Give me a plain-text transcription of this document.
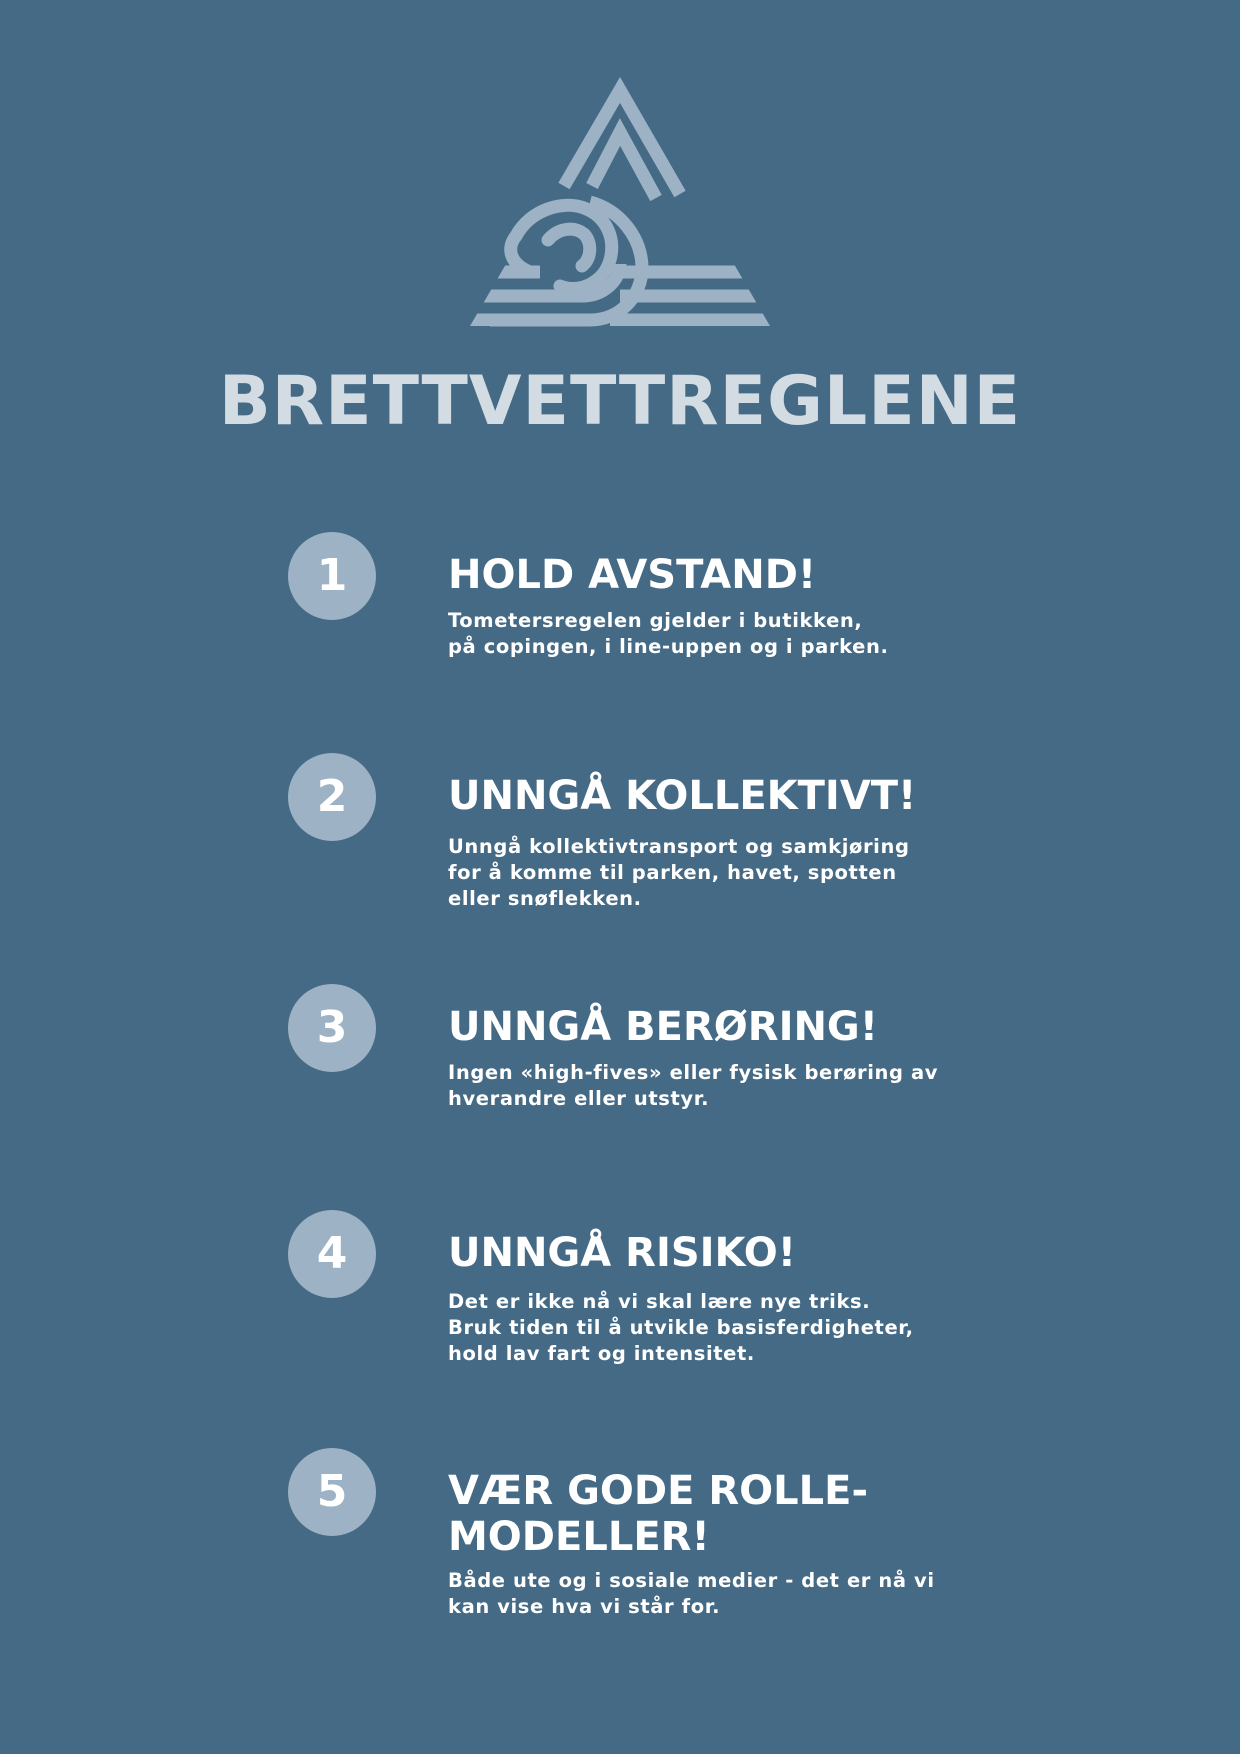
BRETTVETTREGLENE
1	HOLD AVSTAND!

Tometersregelen gjelder i butikken,
på copingen, i line-uppen og i parken.

2	UNNGÅ KOLLEKTIVT!

Unngå kollektivtransport og samkjøring
for å komme til parken, havet, spotten
eller snøflekken.

3	UNNGÅ BERØRING!

Ingen «high-fives» eller fysisk berøring av
hverandre eller utstyr.

4	UNNGÅ RISIKO!

Det er ikke nå vi skal lære nye triks.
Bruk tiden til å utvikle basisferdigheter,
hold lav fart og intensitet.

5	VÆR GODE ROLLE-
MODELLER!

Både ute og i sosiale medier - det er nå vi
kan vise hva vi står for.
